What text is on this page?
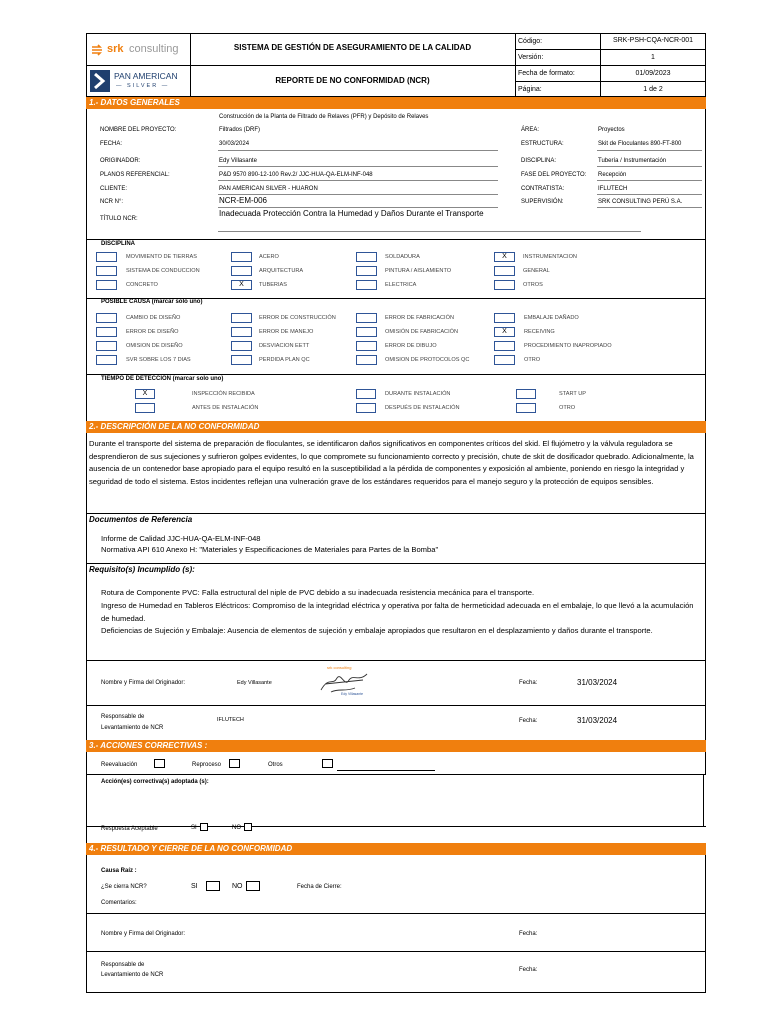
srk consulting
PAN AMERICAN
— SILVER —
SISTEMA DE GESTIÓN DE ASEGURAMIENTO DE LA CALIDAD
REPORTE DE NO CONFORMIDAD (NCR)
Código:	SRK-PSH-CQA-NCR-001
Versión:	1
Fecha de formato:	01/09/2023
Página:	1 de 2
1.- DATOS GENERALES
NOMBRE DEL PROYECTO:
Construcción de la Planta de Filtrado de Relaves (PFR) y Depósito de Relaves
Filtrados (DRF)
FECHA:	30/03/2024
ORIGINADOR:	Edy Villasante
PLANOS REFERENCIAL:	P&D 9570 890-12-100 Rev.2/ JJC-HUA-QA-ELM-INF-048
CLIENTE:	PAN AMERICAN SILVER - HUARON
NCR N°:	NCR-EM-006
TÍTULO NCR:
Inadecuada Protección Contra la Humedad y Daños Durante el Transporte
ÁREA:	Proyectos
ESTRUCTURA:	Skit de Floculantes 890-FT-800
DISCIPLINA:	Tubería / Instrumentación
FASE DEL PROYECTO: Recepción
CONTRATISTA:	IFLUTECH
SUPERVISIÓN:	SRK CONSULTING PERÚ S.A.
DISCIPLINA
MOVIMIENTO DE TIERRAS	ACERO	SOLDADURA	X	INSTRUMENTACION
SISTEMA DE CONDUCCION	ARQUITECTURA	PINTURA / AISLAMIENTO	GENERAL
CONCRETO	X	TUBERIAS	ELECTRICA	OTROS
POSIBLE CAUSA (marcar solo uno)
CAMBIO DE DISEÑO	ERROR DE CONSTRUCCIÓN	ERROR DE FABRICACIÓN	EMBALAJE DAÑADO
ERROR DE DISEÑO	ERROR DE MANEJO	OMISIÓN DE FABRICACIÓN	X	RECEIVING
OMISION DE DISEÑO	DESVIACION EETT	ERROR DE DIBUJO	PROCEDIMIENTO INAPROPIADO
SVR SOBRE LOS 7 DIAS	PERDIDA PLAN QC	OMISION DE PROTOCOLOS QC	OTRO
TIEMPO DE DETECCION (marcar solo uno)
X	INSPECCIÓN RECIBIDA	DURANTE INSTALACIÓN	START UP
ANTES DE INSTALACIÓN	DESPUÉS DE INSTALACIÓN	OTRO
2.- DESCRIPCIÓN DE LA NO CONFORMIDAD
Durante el transporte del sistema de preparación de floculantes, se identificaron daños significativos en componentes críticos del skid. El flujómetro y la válvula reguladora se desprendieron de sus sujeciones y sufrieron golpes evidentes, lo que compromete su funcionamiento correcto y precisión, chute de skit de dosificador quebrado. Adicionalmente, la ausencia de un contenedor base apropiado para el equipo resultó en la susceptibilidad a la pérdida de componentes y exposición al ambiente, poniendo en riesgo la integridad y seguridad de todo el sistema. Estos incidentes reflejan una vulneración grave de los estándares requeridos para el manejo seguro y la protección de equipos sensibles.
Documentos de Referencia
Informe de Calidad JJC-HUA-QA-ELM-INF-048
Normativa API 610 Anexo H: "Materiales y Especificaciones de Materiales para Partes de la Bomba"
Requisito(s) Incumplido (s):
Rotura de Componente PVC: Falla estructural del niple de PVC debido a su inadecuada resistencia mecánica para el transporte.
Ingreso de Humedad en Tableros Eléctricos: Compromiso de la integridad eléctrica y operativa por falta de hermeticidad adecuada en el embalaje, lo que llevó a la acumulación de humedad.
Deficiencias de Sujeción y Embalaje: Ausencia de elementos de sujeción y embalaje apropiados que resultaron en el desplazamiento y daños durante el transporte.
Nombre y Firma del Originador:	Edy Villasante
srk consulting
Edy Villasante
Fecha:	31/03/2024
Responsable de
Levantamiento de NCR
IFLUTECH	Fecha:	31/03/2024
3.- ACCIONES CORRECTIVAS :
Reevaluación	Reproceso	Otros
Acción(es) correctiva(s) adoptada (s):
Respuesta Aceptable	SI	NO
4.- RESULTADO Y CIERRE DE LA NO CONFORMIDAD
Causa Raíz :
¿Se cierra NCR?	SI	NO	Fecha de Cierre:
Comentarios:
Nombre y Firma del Originador:	Fecha:
Responsable de
Levantamiento de NCR
Fecha:
